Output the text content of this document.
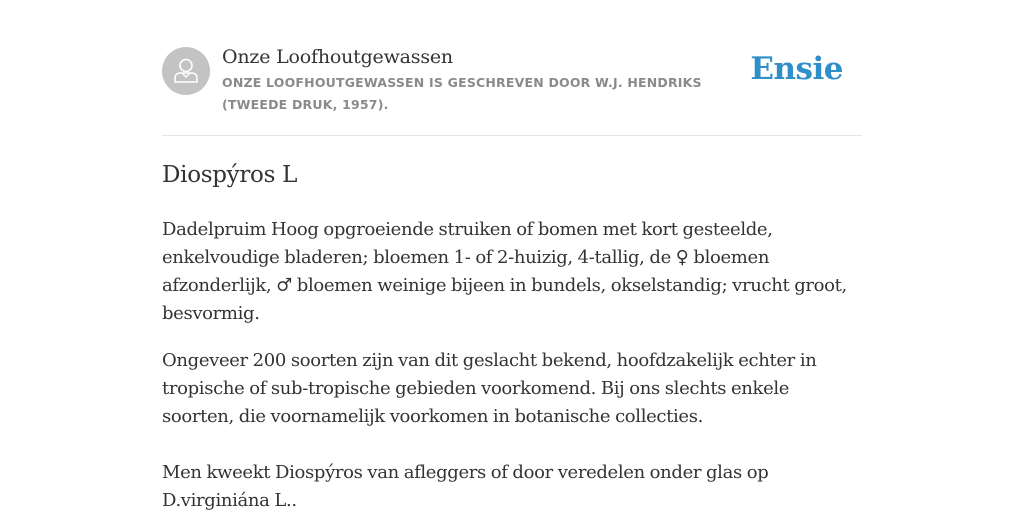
Onze Loofhoutgewassen
ONZE LOOFHOUTGEWASSEN IS GESCHREVEN DOOR W.J. HENDRIKS (TWEEDE DRUK, 1957).
Ensie
Diospýros L

Dadelpruim Hoog opgroeiende struiken of bomen met kort gesteelde, enkelvoudige bladeren; bloemen 1- of 2-huizig, 4-tallig, de ♀ bloemen afzonderlijk, ♂ bloemen weinige bijeen in bundels, okselstandig; vrucht groot, besvormig.

Ongeveer 200 soorten zijn van dit geslacht bekend, hoofdzakelijk echter in tropische of sub-tropische gebieden voorkomend. Bij ons slechts enkele soorten, die voornamelijk voorkomen in botanische collecties.

Men kweekt Diospýros van afleggers of door veredelen onder glas op D.virginiána L..
